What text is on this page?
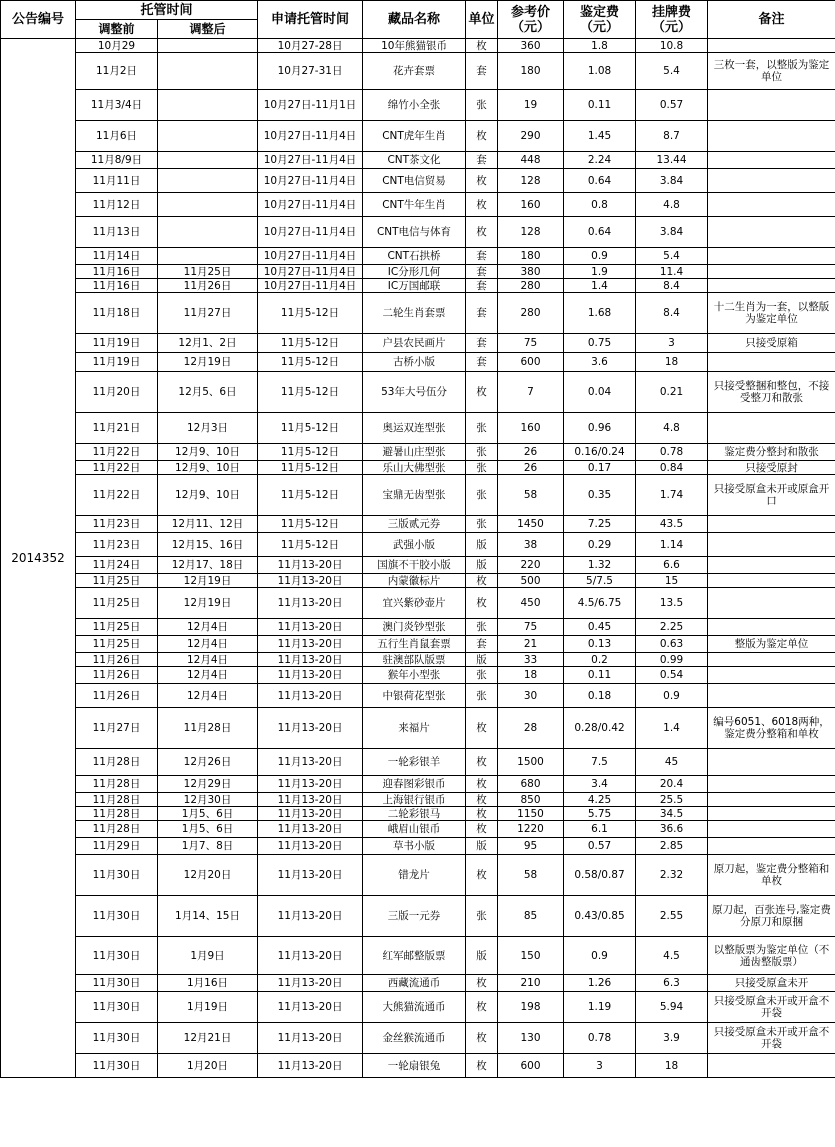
公告编号	托管时间		申请托管时间	藏品名称	单位	参考价（元）	鉴定费（元）	挂牌费（元）	备注
	调整前	调整后							
2014352	10月29		10月27-28日	10年熊猫银币	枚	360	1.8	10.8	
	11月2日		10月27-31日	花卉套票	套	180	1.08	5.4	三枚一套，以整版为鉴定单位
	11月3/4日		10月27日-11月1日	绵竹小全张	张	19	0.11	0.57	
	11月6日		10月27日-11月4日	CNT虎年生肖	枚	290	1.45	8.7	
	11月8/9日		10月27日-11月4日	CNT茶文化	套	448	2.24	13.44	
	11月11日		10月27日-11月4日	CNT电信贸易	枚	128	0.64	3.84	
	11月12日		10月27日-11月4日	CNT牛年生肖	枚	160	0.8	4.8	
	11月13日		10月27日-11月4日	CNT电信与体育	枚	128	0.64	3.84	
	11月14日		10月27日-11月4日	CNT石拱桥	套	180	0.9	5.4	
	11月16日	11月25日	10月27日-11月4日	IC分形几何	套	380	1.9	11.4	
	11月16日	11月26日	10月27日-11月4日	IC万国邮联	套	280	1.4	8.4	
	11月18日	11月27日	11月5-12日	二轮生肖套票	套	280	1.68	8.4	十二生肖为一套，以整版为鉴定单位
	11月19日	12月1、2日	11月5-12日	户县农民画片	套	75	0.75	3	只接受原箱
	11月19日	12月19日	11月5-12日	古桥小版	套	600	3.6	18	
	11月20日	12月5、6日	11月5-12日	53年大号伍分	枚	7	0.04	0.21	只接受整捆和整包，不接受整刀和散张
	11月21日	12月3日	11月5-12日	奥运双连型张	张	160	0.96	4.8	
	11月22日	12月9、10日	11月5-12日	避暑山庄型张	张	26	0.16/0.24	0.78	鉴定费分整封和散张
	11月22日	12月9、10日	11月5-12日	乐山大佛型张	张	26	0.17	0.84	只接受原封
	11月22日	12月9、10日	11月5-12日	宝鼎无齿型张	张	58	0.35	1.74	只接受原盒未开或原盒开口
	11月23日	12月11、12日	11月5-12日	三版贰元券	张	1450	7.25	43.5	
	11月23日	12月15、16日	11月5-12日	武强小版	版	38	0.29	1.14	
	11月24日	12月17、18日	11月13-20日	国旗不干胶小版	版	220	1.32	6.6	
	11月25日	12月19日	11月13-20日	内蒙徽标片	枚	500	5/7.5	15	
	11月25日	12月19日	11月13-20日	宜兴紫砂壶片	枚	450	4.5/6.75	13.5	
	11月25日	12月4日	11月13-20日	澳门炎钞型张	张	75	0.45	2.25	
	11月25日	12月4日	11月13-20日	五行生肖鼠套票	套	21	0.13	0.63	整版为鉴定单位
	11月26日	12月4日	11月13-20日	驻澳部队版票	版	33	0.2	0.99	
	11月26日	12月4日	11月13-20日	猴年小型张	张	18	0.11	0.54	
	11月26日	12月4日	11月13-20日	中银荷花型张	张	30	0.18	0.9	
	11月27日	11月28日	11月13-20日	来福片	枚	28	0.28/0.42	1.4	编号6051、6018两种，鉴定费分整箱和单枚
	11月28日	12月26日	11月13-20日	一轮彩银羊	枚	1500	7.5	45	
	11月28日	12月29日	11月13-20日	迎春图彩银币	枚	680	3.4	20.4	
	11月28日	12月30日	11月13-20日	上海银行银币	枚	850	4.25	25.5	
	11月28日	1月5、6日	11月13-20日	二轮彩银马	枚	1150	5.75	34.5	
	11月28日	1月5、6日	11月13-20日	峨眉山银币	枚	1220	6.1	36.6	
	11月29日	1月7、8日	11月13-20日	草书小版	版	95	0.57	2.85	
	11月30日	12月20日	11月13-20日	错龙片	枚	58	0.58/0.87	2.32	原刀起，鉴定费分整箱和单枚
	11月30日	1月14、15日	11月13-20日	三版一元券	张	85	0.43/0.85	2.55	原刀起，百张连号,鉴定费分原刀和原捆
	11月30日	1月9日	11月13-20日	红军邮整版票	版	150	0.9	4.5	以整版票为鉴定单位（不通齿整版票）
	11月30日	1月16日	11月13-20日	西藏流通币	枚	210	1.26	6.3	只接受原盒未开
	11月30日	1月19日	11月13-20日	大熊猫流通币	枚	198	1.19	5.94	只接受原盒未开或开盒不开袋
	11月30日	12月21日	11月13-20日	金丝猴流通币	枚	130	0.78	3.9	只接受原盒未开或开盒不开袋
	11月30日	1月20日	11月13-20日	一轮扇银兔	枚	600	3	18	
